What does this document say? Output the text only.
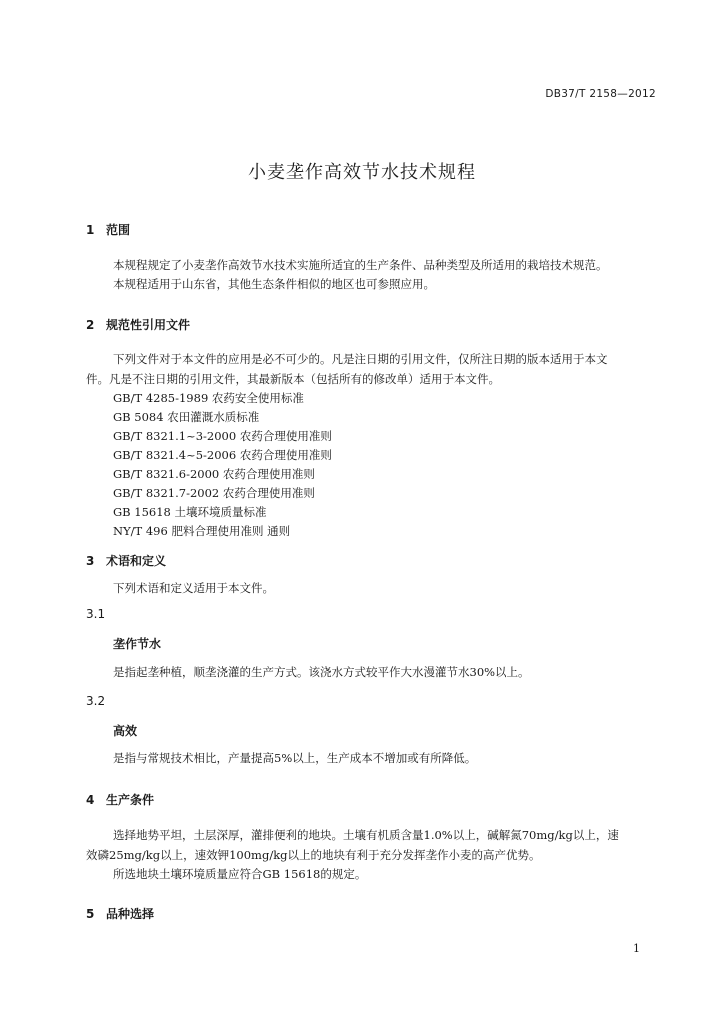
DB37/T 2158—2012
小麦垄作高效节水技术规程
1 范围
本规程规定了小麦垄作高效节水技术实施所适宜的生产条件、品种类型及所适用的栽培技术规范。
本规程适用于山东省，其他生态条件相似的地区也可参照应用。
2 规范性引用文件
下列文件对于本文件的应用是必不可少的。凡是注日期的引用文件，仅所注日期的版本适用于本文
件。凡是不注日期的引用文件，其最新版本（包括所有的修改单）适用于本文件。
GB/T 4285-1989 农药安全使用标准
GB 5084 农田灌溉水质标准
GB/T 8321.1~3-2000 农药合理使用准则
GB/T 8321.4~5-2006 农药合理使用准则
GB/T 8321.6-2000 农药合理使用准则
GB/T 8321.7-2002 农药合理使用准则
GB 15618 土壤环境质量标准
NY/T 496 肥料合理使用准则 通则
3 术语和定义
下列术语和定义适用于本文件。
3.1
垄作节水
是指起垄种植，顺垄浇灌的生产方式。该浇水方式较平作大水漫灌节水30%以上。
3.2
高效
是指与常规技术相比，产量提高5%以上，生产成本不增加或有所降低。
4 生产条件
选择地势平坦，土层深厚，灌排便利的地块。土壤有机质含量1.0%以上，碱解氮70mg/kg以上，速
效磷25mg/kg以上，速效钾100mg/kg以上的地块有利于充分发挥垄作小麦的高产优势。
所选地块土壤环境质量应符合GB 15618的规定。
5 品种选择
1
